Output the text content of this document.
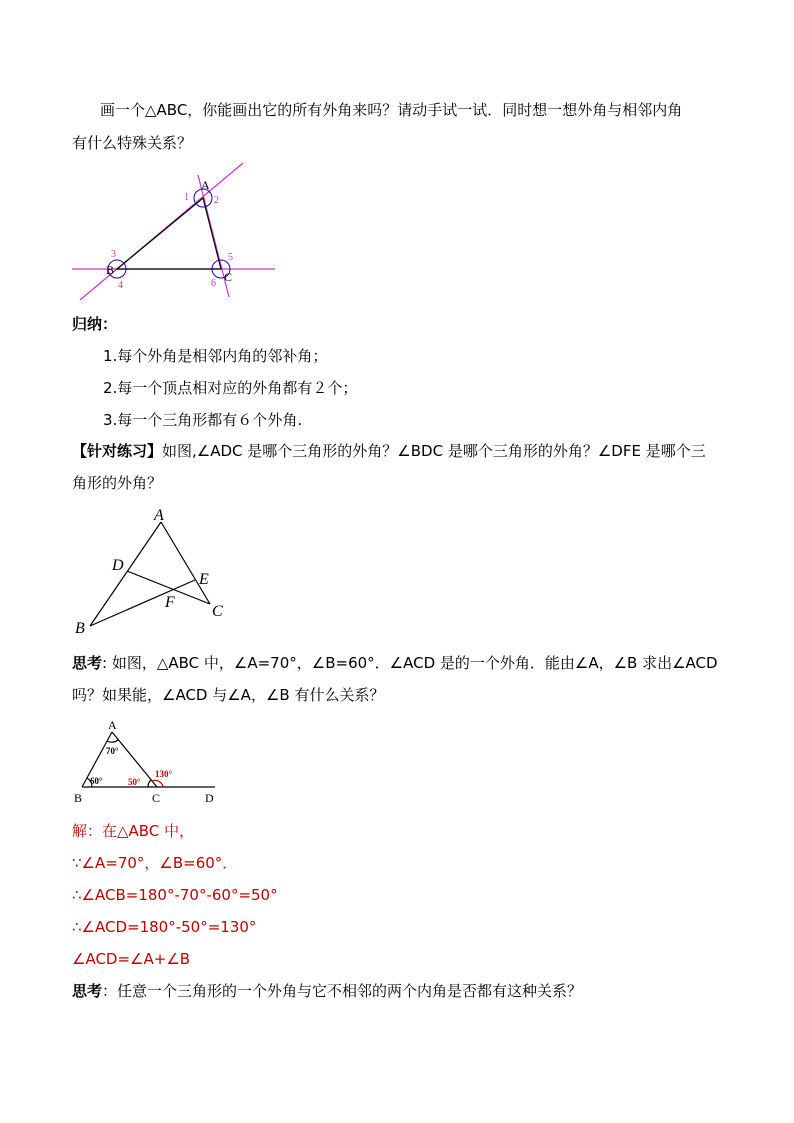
画一个△ABC，你能画出它的所有外角来吗？请动手试一试．同时想一想外角与相邻内角
有什么特殊关系？
A
B	C
1	2
3
4
5
6
归纳：
1.每个外角是相邻内角的邻补角；
2.每一个顶点相对应的外角都有２个；
3.每一个三角形都有６个外角.
【针对练习】如图,∠ADC 是哪个三角形的外角？∠BDC 是哪个三角形的外角？∠DFE 是哪个三
角形的外角？
A
B
C
D
E
F
思考: 如图，△ABC 中，∠A=70°，∠B=60°．∠ACD 是的一个外角．能由∠A，∠B 求出∠ACD
吗？如果能，∠ACD 与∠A，∠B 有什么关系？
A
B	C	D
70°
60°	50°
130°
解：在△ABC 中，
∵∠A=70°，∠B=60°．
∴∠ACB=180°-70°-60°=50°
∴∠ACD=180°-50°=130°
∠ACD=∠A+∠B
思考：任意一个三角形的一个外角与它不相邻的两个内角是否都有这种关系？
